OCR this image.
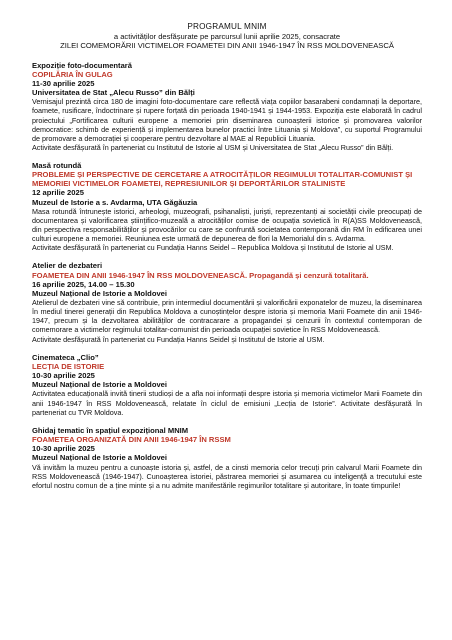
PROGRAMUL MNIM
a activităților desfășurate pe parcursul lunii aprilie 2025, consacrate
ZILEI COMEMORĂRII VICTIMELOR FOAMETEI DIN ANII 1946-1947 ÎN RSS MOLDOVENEASCĂ
Expoziție foto-documentară
COPILĂRIA ÎN GULAG
11-30 aprilie 2025
Universitatea de Stat „Alecu Russo” din Bălți
Vernisajul prezintă circa 180 de imagini foto-documentare care reflectă viața copiilor basarabeni condamnați la deportare, foamete, rusificare, îndoctrinare și rupere forțată din perioada 1940-1941 și 1944-1953. Expoziția este elaborată în cadrul proiectului „Fortificarea culturii europene a memoriei prin diseminarea cunoașterii istorice și promovarea valorilor democratice: schimb de experiență și implementarea bunelor practici între Lituania și Moldova”, cu suportul Programului de promovare a democrației și cooperare pentru dezvoltare al MAE al Republicii Lituania.
Activitate desfășurată în parteneriat cu Institutul de Istorie al USM și Universitatea de Stat „Alecu Russo” din Bălți.
Masă rotundă
PROBLEME ȘI PERSPECTIVE DE CERCETARE A ATROCITĂȚILOR REGIMULUI TOTALITAR-COMUNIST ȘI MEMORIEI VICTIMELOR FOAMETEI, REPRESIUNILOR ȘI DEPORTĂRILOR STALINISTE
12 aprilie 2025
Muzeul de Istorie a s. Avdarma, UTA Găgăuzia
Masa rotundă întrunește istorici, arheologi, muzeografi, psihanaliști, juriști, reprezentanți ai societății civile preocupați de documentarea și valorificarea științifico-muzeală a atrocităților comise de ocupația sovietică în R(A)SS Moldovenească, din perspectiva responsabilităților și provocărilor cu care se confruntă societatea contemporană din RM în edificarea unei culturi europene a memoriei. Reuniunea este urmată de depunerea de flori la Memorialul din s. Avdarma.
Activitate desfășurată în parteneriat cu Fundația Hanns Seidel – Republica Moldova și Institutul de Istorie al USM.
Atelier de dezbateri
FOAMETEA DIN ANII 1946-1947 ÎN RSS MOLDOVENEASCĂ. Propagandă și cenzură totalitară.
16 aprilie 2025, 14.00 – 15.30
Muzeul Național de Istorie a Moldovei
Atelierul de dezbateri vine să contribuie, prin intermediul documentării și valorificării exponatelor de muzeu, la diseminarea în mediul tinerei generații din Republica Moldova a cunoștințelor despre istoria și memoria Marii Foamete din anii 1946-1947, precum și la dezvoltarea abilităților de contracarare a propagandei și cenzurii în contextul contemporan de comemorare a victimelor regimului totalitar-comunist din perioada ocupației sovietice în RSS Moldovenească.
Activitate desfășurată în parteneriat cu Fundația Hanns Seidel și Institutul de Istorie al USM.
Cinemateca „Clio”
LECȚIA DE ISTORIE
10-30 aprilie 2025
Muzeul Național de Istorie a Moldovei
Activitatea educațională invită tinerii studioși de a afla noi informații despre istoria și memoria victimelor Marii Foamete din anii 1946-1947 în RSS Moldovenească, relatate în ciclul de emisiuni „Lecția de Istorie”. Activitate desfășurată în parteneriat cu TVR Moldova.
Ghidaj tematic în spațiul expozițional MNIM
FOAMETEA ORGANIZATĂ DIN ANII 1946-1947 ÎN RSSM
10-30 aprilie 2025
Muzeul Național de Istorie a Moldovei
Vă invităm la muzeu pentru a cunoaște istoria și, astfel, de a cinsti memoria celor trecuți prin calvarul Marii Foamete din RSS Moldovenească (1946-1947). Cunoașterea istoriei, păstrarea memoriei și asumarea cu inteligență a trecutului este efortul nostru comun de a ține minte și a nu admite manifestările regimurilor totalitare și autoritare, în toate timpurile!
